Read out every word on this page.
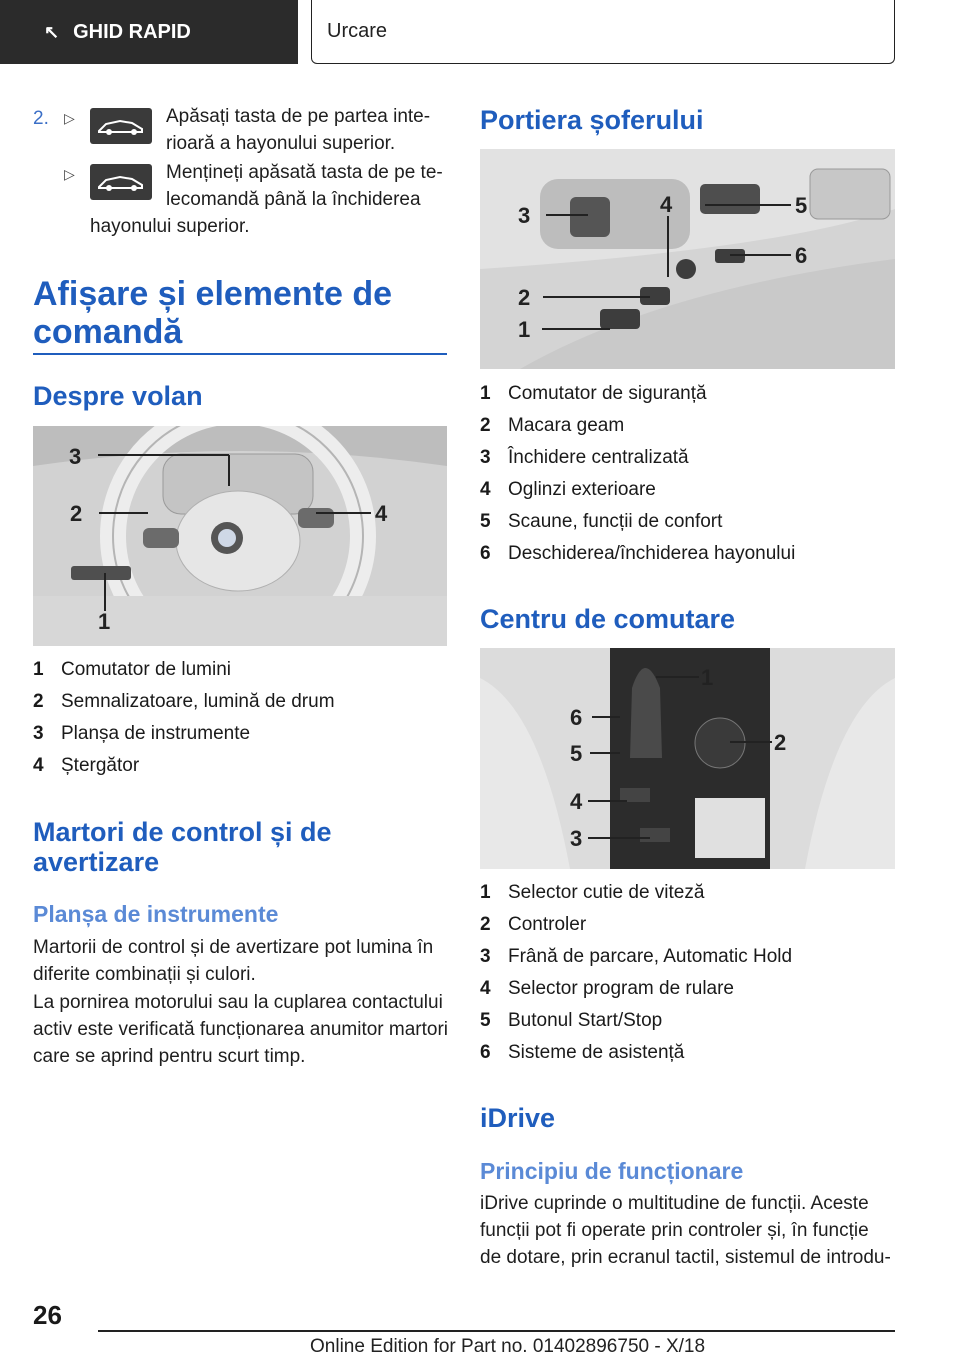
↖ GHID RAPID	Urcare
2. ▷	Apăsați tasta de pe partea inte-
rioară a hayonului superior.
▷	Mențineți apăsată tasta de pe te-
lecomandă până la închiderea
hayonului superior.
Afișare și elemente de
comandă
Despre volan
3
2	4
1
1 Comutator de lumini
2 Semnalizatoare, lumină de drum
3 Planșa de instrumente
4 Ștergător
Martori de control și de
avertizare
Planșa de instrumente
Martorii de control și de avertizare pot lumina în
diferite combinații și culori.
La pornirea motorului sau la cuplarea contactului
activ este verificată funcționarea anumitor martori
care se aprind pentru scurt timp.
Portiera șoferului
3	4	5
6
2
1
1 Comutator de siguranță
2 Macara geam
3 Închidere centralizată
4 Oglinzi exterioare
5 Scaune, funcții de confort
6 Deschiderea/închiderea hayonului
Centru de comutare
1
2
6
5
4
3
1 Selector cutie de viteză
2 Controler
3 Frână de parcare, Automatic Hold
4 Selector program de rulare
5 Butonul Start/Stop
6 Sisteme de asistență
iDrive
Principiu de funcționare
iDrive cuprinde o multitudine de funcții. Aceste
funcții pot fi operate prin controler și, în funcție
de dotare, prin ecranul tactil, sistemul de introdu-
26
Online Edition for Part no. 01402896750 - X/18
